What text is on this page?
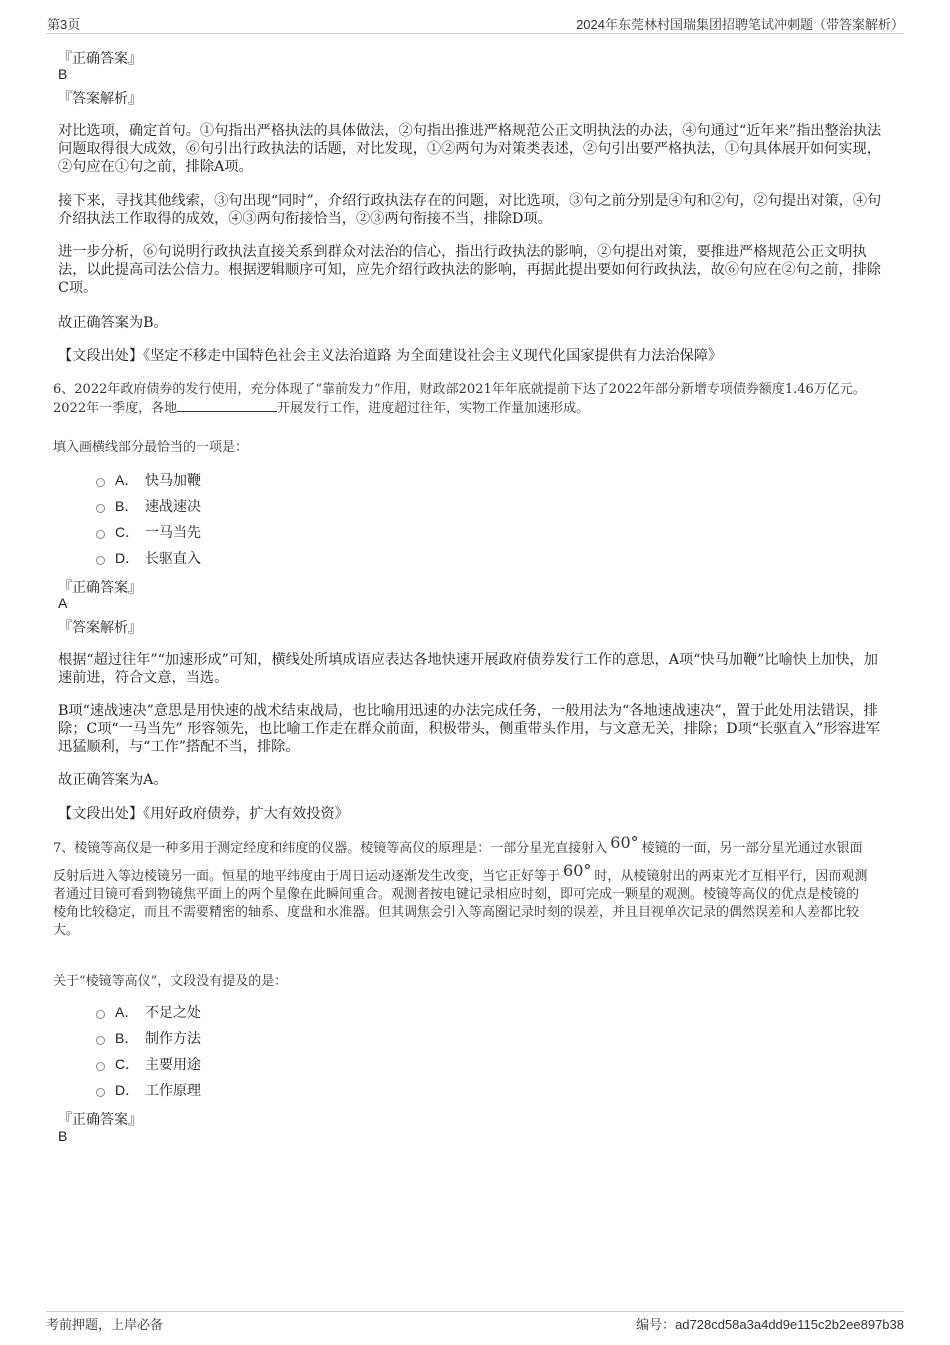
第3页	2024年东莞林村国瑞集团招聘笔试冲刺题（带答案解析）
『正确答案』
B
『答案解析』
对比选项，确定首句。①句指出严格执法的具体做法，②句指出推进严格规范公正文明执法的办法，④句通过“近年来”指出整治执法问题取得很大成效，⑥句引出行政执法的话题，对比发现，①②两句为对策类表述，②句引出要严格执法，①句具体展开如何实现，②句应在①句之前，排除A项。
接下来，寻找其他线索，③句出现“同时”，介绍行政执法存在的问题，对比选项，③句之前分别是④句和②句，②句提出对策，④句介绍执法工作取得的成效，④③两句衔接恰当，②③两句衔接不当，排除D项。
进一步分析，⑥句说明行政执法直接关系到群众对法治的信心，指出行政执法的影响，②句提出对策，要推进严格规范公正文明执法，以此提高司法公信力。根据逻辑顺序可知，应先介绍行政执法的影响，再据此提出要如何行政执法，故⑥句应在②句之前，排除C项。
故正确答案为B。
【文段出处】《坚定不移走中国特色社会主义法治道路 为全面建设社会主义现代化国家提供有力法治保障》
6、2022年政府债券的发行使用，充分体现了“靠前发力”作用，财政部2021年年底就提前下达了2022年部分新增专项债券额度1.46万亿元。
2022年一季度，各地	开展发行工作，进度超过往年，实物工作量加速形成。
填入画横线部分最恰当的一项是：
A． 快马加鞭
B． 速战速决
C． 一马当先
D． 长驱直入
『正确答案』
A
『答案解析』
根据“超过往年”“加速形成”可知，横线处所填成语应表达各地快速开展政府债券发行工作的意思，A项“快马加鞭”比喻快上加快，加速前进，符合文意，当选。
B项“速战速决”意思是用快速的战术结束战局，也比喻用迅速的办法完成任务，一般用法为“各地速战速决”，置于此处用法错误，排除；C项“一马当先” 形容领先，也比喻工作走在群众前面，积极带头，侧重带头作用，与文意无关，排除；D项“长驱直入”形容进军迅猛顺利，与“工作”搭配不当，排除。
故正确答案为A。
【文段出处】《用好政府债券，扩大有效投资》
7、棱镜等高仪是一种多用于测定经度和纬度的仪器。棱镜等高仪的原理是：一部分星光直接射入 60° 棱镜的一面，另一部分星光通过水银面
反射后进入等边棱镜另一面。恒星的地平纬度由于周日运动逐渐发生改变，当它正好等于 60° 时，从棱镜射出的两束光才互相平行，因而观测
者通过目镜可看到物镜焦平面上的两个星像在此瞬间重合。观测者按电键记录相应时刻，即可完成一颗星的观测。棱镜等高仪的优点是棱镜的
棱角比较稳定，而且不需要精密的轴系、度盘和水准器。但其调焦会引入等高圈记录时刻的误差，并且目视单次记录的偶然误差和人差都比较
大。
关于“棱镜等高仪”，文段没有提及的是：
A． 不足之处
B． 制作方法
C． 主要用途
D． 工作原理
『正确答案』
B
考前押题，上岸必备	编号：ad728cd58a3a4dd9e115c2b2ee897b38
